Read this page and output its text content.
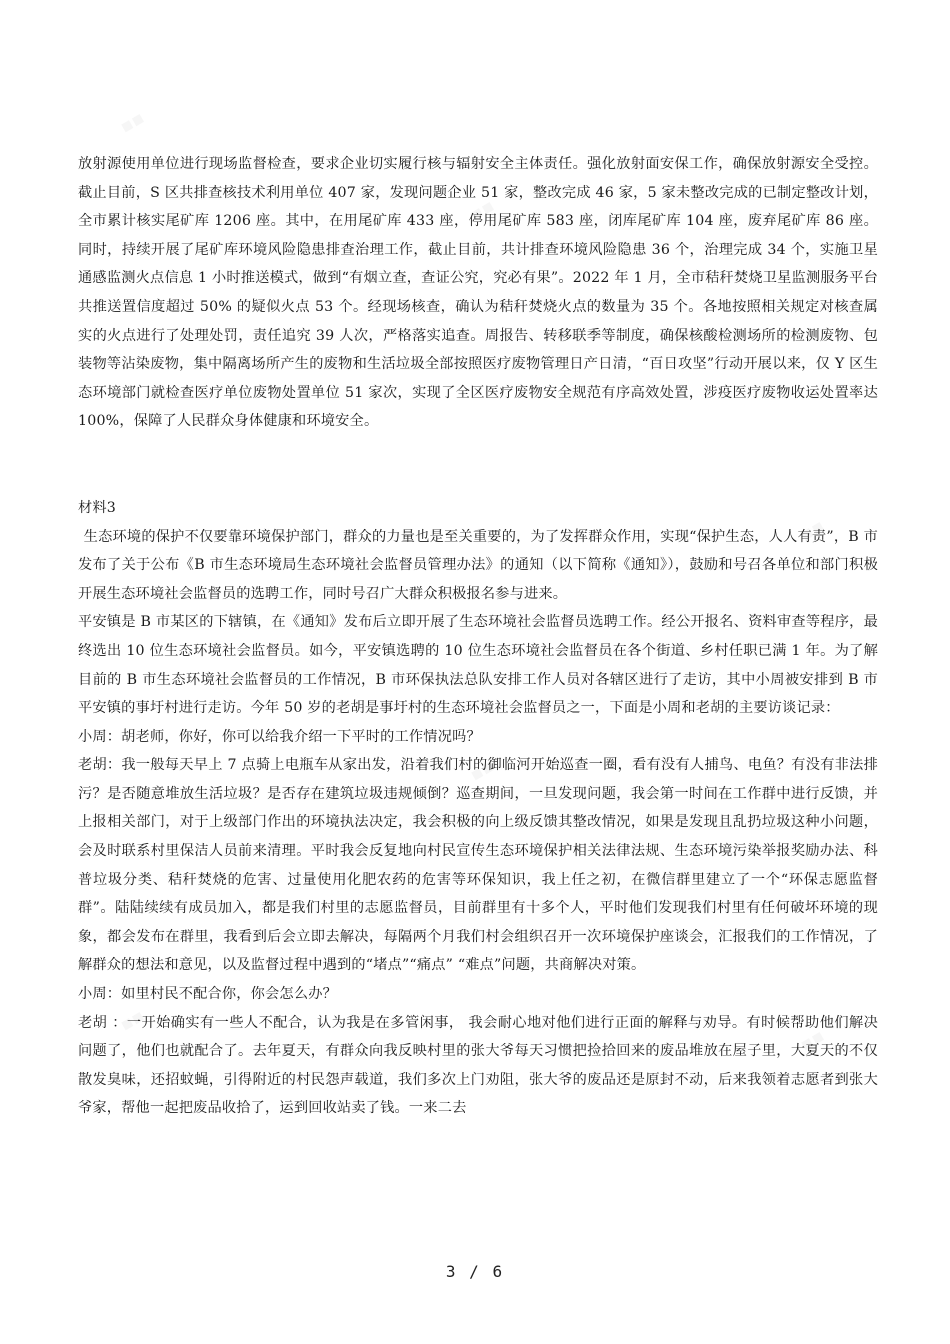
放射源使用单位进行现场监督检查，要求企业切实履行核与辐射安全主体责任。强化放射面安保工作，确保放射源安全受控。截止目前，S 区共排查核技术利用单位 407 家，发现问题企业 51 家，整改完成 46 家，5 家未整改完成的已制定整改计划，全市累计核实尾矿库 1206 座。其中，在用尾矿库 433 座，停用尾矿库 583 座，闭库尾矿库 104 座，废弃尾矿库 86 座。同时，持续开展了尾矿库环境风险隐患排查治理工作，截止目前，共计排查环境风险隐患 36 个，治理完成 34 个，实施卫星通感监测火点信息 1 小时推送模式，做到“有烟立查，查证公究，究必有果”。2022 年 1 月，全市秸秆焚烧卫星监测服务平台共推送置信度超过 50% 的疑似火点 53 个。经现场核查，确认为秸秆焚烧火点的数量为 35 个。各地按照相关规定对核查属实的火点进行了处理处罚，责任追究 39 人次，严格落实追查。周报告、转移联季等制度，确保核酸检测场所的检测废物、包装物等沾染废物，集中隔离场所产生的废物和生活垃圾全部按照医疗废物管理日产日清，“百日攻坚”行动开展以来，仅 Y 区生态环境部门就检查医疗单位废物处置单位 51 家次，实现了全区医疗废物安全规范有序高效处置，涉疫医疗废物收运处置率达 100%，保障了人民群众身体健康和环境安全。

材料3

生态环境的保护不仅要靠环境保护部门，群众的力量也是至关重要的，为了发挥群众作用，实现“保护生态，人人有责”，B 市发布了关于公布《B 市生态环境局生态环境社会监督员管理办法》的通知（以下简称《通知》），鼓励和号召各单位和部门积极开展生态环境社会监督员的选聘工作，同时号召广大群众积极报名参与进来。

平安镇是 B 市某区的下辖镇，在《通知》发布后立即开展了生态环境社会监督员选聘工作。经公开报名、资料审查等程序，最终选出 10 位生态环境社会监督员。如今，平安镇选聘的 10 位生态环境社会监督员在各个街道、乡村任职已满 1 年。为了解目前的 B 市生态环境社会监督员的工作情况，B 市环保执法总队安排工作人员对各辖区进行了走访，其中小周被安排到 B 市平安镇的事圩村进行走访。今年 50 岁的老胡是事圩村的生态环境社会监督员之一，下面是小周和老胡的主要访谈记录：

小周：胡老师，你好，你可以给我介绍一下平时的工作情况吗？

老胡：我一般每天早上 7 点骑上电瓶车从家出发，沿着我们村的御临河开始巡查一圈，看有没有人捕鸟、电鱼？有没有非法排污？是否随意堆放生活垃圾？是否存在建筑垃圾违规倾倒？巡查期间，一旦发现问题，我会第一时间在工作群中进行反馈，并上报相关部门，对于上级部门作出的环境执法决定，我会积极的向上级反馈其整改情况，如果是发现且乱扔垃圾这种小问题，会及时联系村里保洁人员前来清理。平时我会反复地向村民宣传生态环境保护相关法律法规、生态环境污染举报奖励办法、科普垃圾分类、秸秆焚烧的危害、过量使用化肥农药的危害等环保知识，我上任之初，在微信群里建立了一个“环保志愿监督群”。陆陆续续有成员加入，都是我们村里的志愿监督员，目前群里有十多个人，平时他们发现我们村里有任何破坏环境的现象，都会发布在群里，我看到后会立即去解决，每隔两个月我们村会组织召开一次环境保护座谈会，汇报我们的工作情况，了解群众的想法和意见，以及监督过程中遇到的“堵点”“痛点” “难点”问题，共商解决对策。

小周：如里村民不配合你，你会怎么办？

老胡 ：一开始确实有一些人不配合，认为我是在多管闲事， 我会耐心地对他们进行正面的解释与劝导。有时候帮助他们解决问题了，他们也就配合了。去年夏天，有群众向我反映村里的张大爷每天习惯把捡拾回来的废品堆放在屋子里，大夏天的不仅散发臭味，还招蚊蝇，引得附近的村民怨声载道，我们多次上门劝阻，张大爷的废品还是原封不动，后来我领着志愿者到张大爷家，帮他一起把废品收拾了，运到回收站卖了钱。一来二去

3 / 6
